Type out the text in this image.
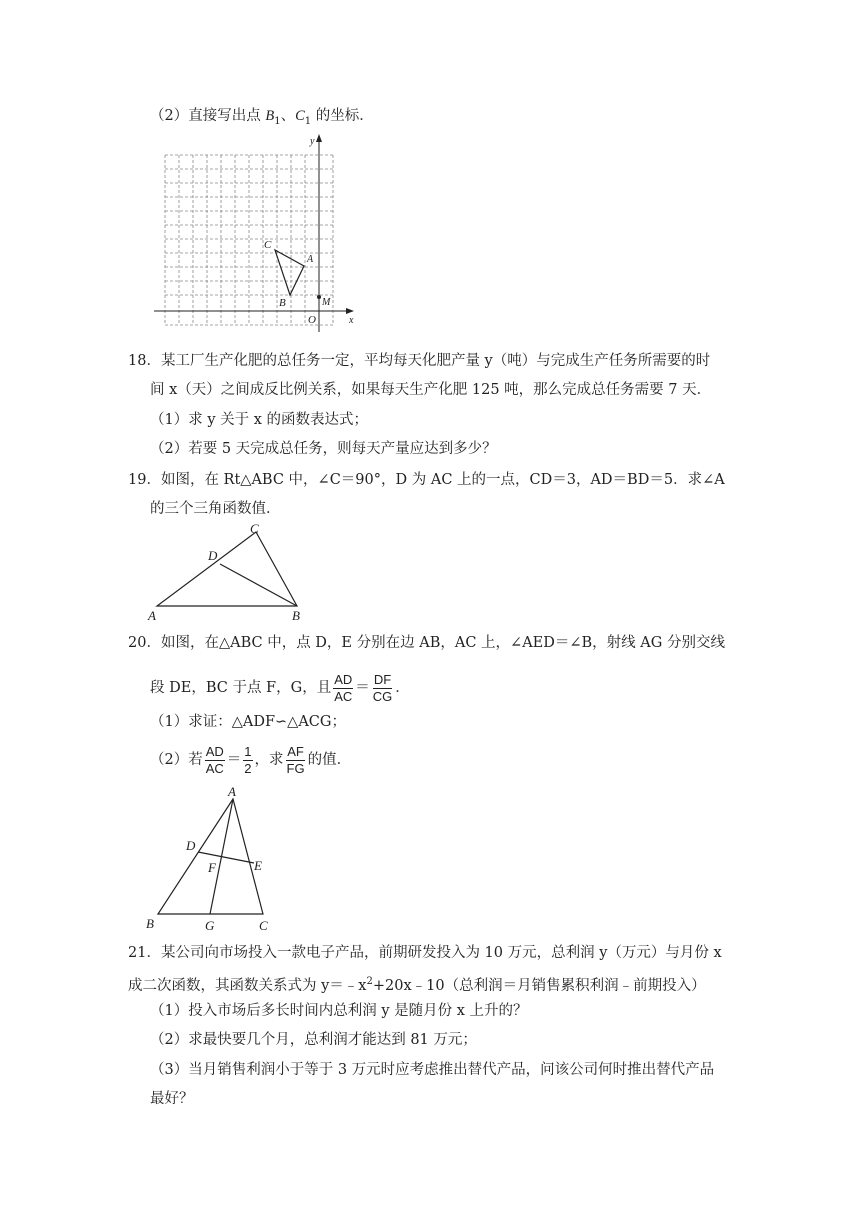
（2）直接写出点 $B_1$、$C_1$ 的坐标．
y
x
O
M
C
A
B
18．某工厂生产化肥的总任务一定，平均每天化肥产量 y（吨）与完成生产任务所需要的时
间 x（天）之间成反比例关系，如果每天生产化肥 125 吨，那么完成总任务需要 7 天．
（1）求 y 关于 x 的函数表达式；
（2）若要 5 天完成总任务，则每天产量应达到多少？
19．如图，在 Rt△ABC 中，∠C＝90°，D 为 AC 上的一点，CD＝3，AD＝BD＝5．求∠A
的三个三角函数值．
C
D
A	B
20．如图，在△ABC 中，点 D，E 分别在边 AB，AC 上，∠AED＝∠B，射线 AG 分别交线
段 DE，BC 于点 F，G，且 $\frac{AD}{AC} = \frac{DF}{CG}$ ．
（1）求证：△ADF∽△ACG；
（2）若 $\frac{AD}{AC} = \frac{1}{2}$ ，求 $\frac{AF}{FG}$ 的值．
A
D
F	E
B	G	C
21．某公司向市场投入一款电子产品，前期研发投入为 10 万元，总利润 y（万元）与月份 x
成二次函数，其函数关系式为 $y=﹣x^2+20x﹣10$（总利润＝月销售累积利润﹣前期投入）
（1）投入市场后多长时间内总利润 y 是随月份 x 上升的？
（2）求最快要几个月，总利润才能达到 81 万元；
（3）当月销售利润小于等于 3 万元时应考虑推出替代产品，问该公司何时推出替代产品
最好？
